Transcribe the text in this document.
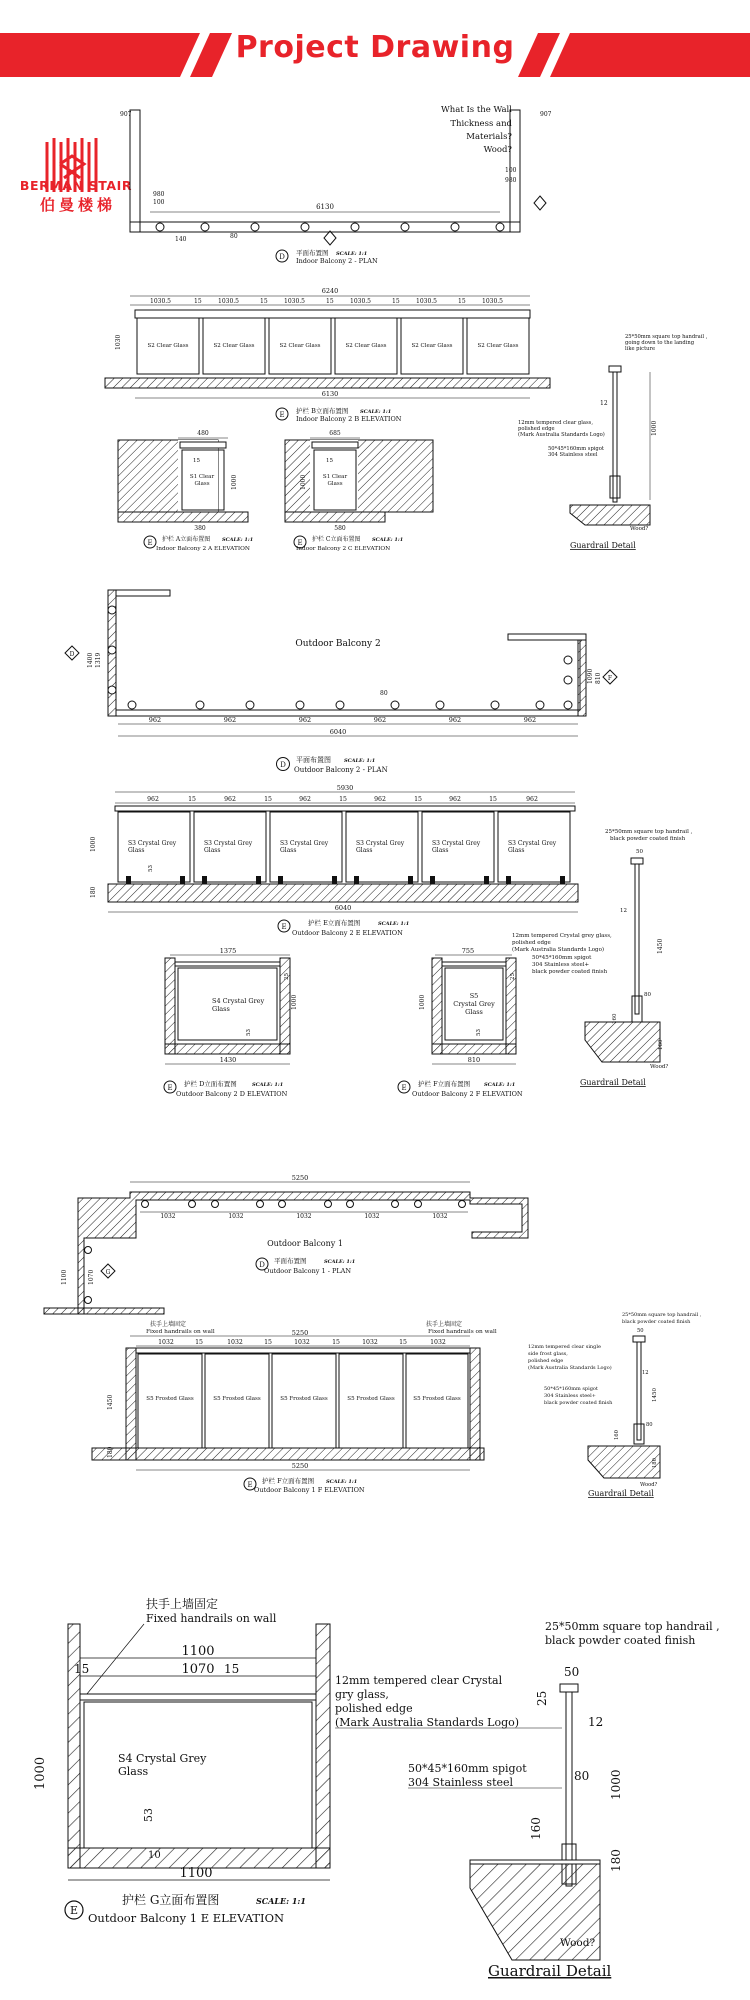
Project Drawing
BERMAN STAIR
伯曼楼梯	6130
907	907
100
980
140	80
100
980
What Is the Wall
Thickness and
Materials?
Wood?
D 平面布置图 SCALE: 1:1
Indoor Balcony 2 - PLAN
6240
1030.5	15	1030.5	15	1030.5	15	1030.5	15	1030.5	15	1030.5
S2 Clear Glass	S2 Clear Glass	S2 Clear Glass	S2 Clear Glass	S2 Clear Glass	S2 Clear Glass
1030
6130
E 护栏 B立面布置图 SCALE: 1:1
Indoor Balcony 2 B ELEVATION
480
15
S1 Clear
Glass	1000
380
E 护栏 A立面布置图 SCALE: 1:1
Indoor Balcony 2 A ELEVATION
685
15
S1 Clear
Glass
1000
580
E 护栏 C立面布置图 SCALE: 1:1
Indoor Balcony 2 C ELEVATION
1000
12
25*50mm square top handrail ,
going down to the landing
like picture
12mm tempered clear glass,
polished edge
(Mark Australia Standards Logo)
50*45*160mm spigot
304 Stainless steel
Wood?
Guardrail Detail
Outdoor Balcony 2
80
962	962	962	962	962	962
6040
1400 1319
1090 810
D
F
D
平面布置图	SCALE: 1:1
Outdoor Balcony 2 - PLAN
5930
962	15	962	15	962	15	962	15	962	15	962
S3 Crystal Grey
Glass
S3 Crystal Grey
Glass
S3 Crystal Grey
Glass
S3 Crystal Grey
Glass
S3 Crystal Grey
Glass
S3 Crystal Grey
Glass
53
1000
180
6040
E	护栏 E立面布置图	SCALE: 1:1
Outdoor Balcony 2 E ELEVATION
50
12
1450
160
80
180
25*50mm square top handrail ,
black powder coated finish
12mm tempered Crystal grey glass,
polished edge
(Mark Australia Standards Logo)
50*45*160mm spigot
304 Stainless steel+
black powder coated finish
Wood?
Guardrail Detail
1375
S4 Crystal Grey
Glass
25
1000
53
1430
E 护栏 D立面布置图	SCALE: 1:1
Outdoor Balcony 2 D ELEVATION
755
S5
Crystal Grey
Glass
25
1000
53
810
E 护栏 F立面布置图	SCALE: 1:1
Outdoor Balcony 2 F ELEVATION
5250
1032	1032	1032	1032	1032
Outdoor Balcony 1
1100	1070 G
D 平面布置图	SCALE: 1:1
Outdoor Balcony 1 - PLAN
扶手上墙固定
Fixed handrails on wall
扶手上墙固定
Fixed handrails on wall
5250
1032	15	1032	15	1032	15	1032	15	1032
S5 Frosted Glass	S5 Frosted Glass	S5 Frosted Glass	S5 Frosted Glass	S5 Frosted Glass
1450
5250
E 护栏 F立面布置图 SCALE: 1:1
Outdoor Balcony 1 F ELEVATION
50
12
1450
160
80
180
25*50mm square top handrail ,
black powder coated finish
12mm tempered clear single
side frost glass,
polished edge
(Mark Australia Standards Logo)
50*45*160mm spigot
304 Stainless steel+
black powder coated finish
Wood?
Guardrail Detail
扶手上墙固定
Fixed handrails on wall
1100
1070
15	15
S4 Crystal Grey
Glass
53
1000
1100
E
护栏 G立面布置图	SCALE: 1:1
Outdoor Balcony 1 E ELEVATION
50
25
12
80 1000
160
180
12mm tempered clear Crystal
gry glass,
polished edge
(Mark Australia Standards Logo)
25*50mm square top handrail ,
black powder coated finish
50*45*160mm spigot
304 Stainless steel
Wood?
Guardrail Detail
